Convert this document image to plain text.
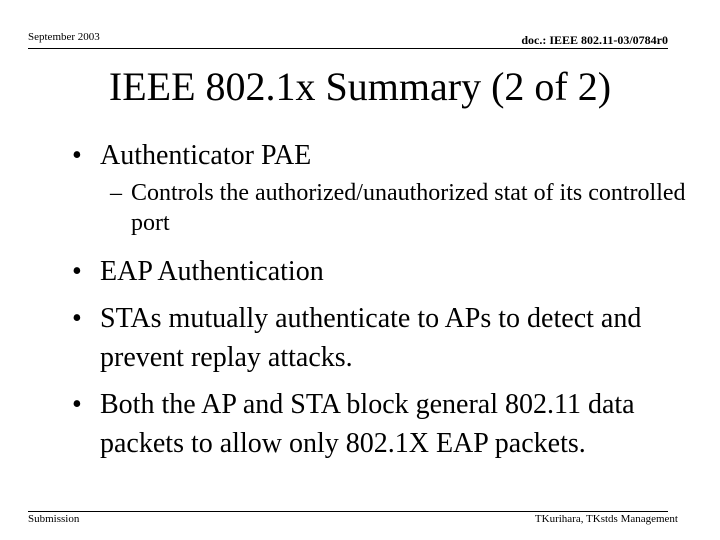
September 2003	doc.: IEEE 802.11-03/0784r0
IEEE 802.1x Summary (2 of 2)
• Authenticator PAE
– Controls the authorized/unauthorized stat of its controlled port
• EAP Authentication
• STAs mutually authenticate to APs to detect and prevent replay attacks.
• Both the AP and STA block general 802.11 data packets to allow only 802.1X EAP packets.
Submission	TKurihara, TKstds Management
